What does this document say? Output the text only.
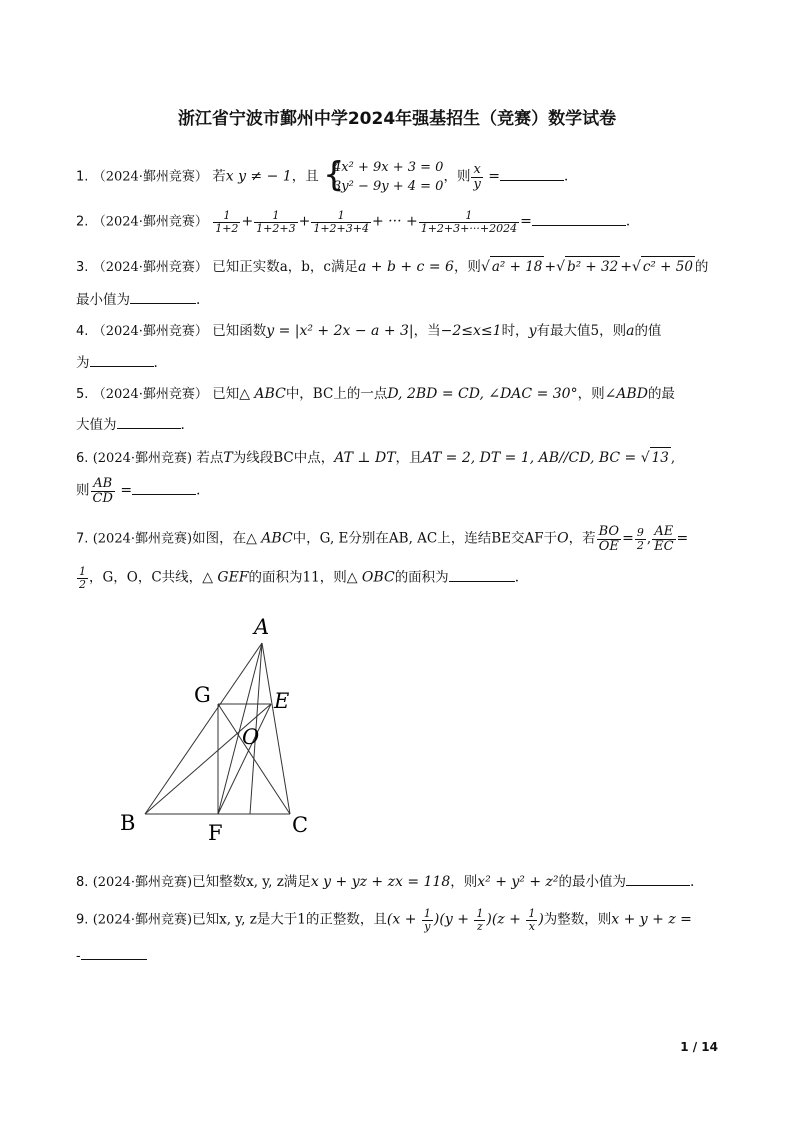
浙江省宁波市鄞州中学2024年强基招生（竞赛）数学试卷
1. （2024·鄞州竞赛） 若x y ≠ − 1，且 {
4x² + 9x + 3 = 0
3y² − 9y + 4 = 0
，则 $\frac{x}{y}$ =	.
2. （2024·鄞州竞赛） $\frac{1}{1+2} + \frac{1}{1+2+3} + \frac{1}{1+2+3+4}$ + ··· + $\frac{1}{1+2+3+\cdot\cdot\cdot+2024}$ =	.
3. （2024·鄞州竞赛） 已知正实数a，b，c满足a + b + c = 6，则√ a² + 18 +√ b² + 32 +√ c² + 50 的
最小值为	.
4. （2024·鄞州竞赛） 已知函数y = |x² + 2x − a + 3|，当−2≤x≤1时，y有最大值5，则a的值
为	.
5. （2024·鄞州竞赛） 已知△ ABC中，BC上的一点D, 2BD = CD, ∠DAC = 30°，则∠ABD的最
大值为	.
6. (2024·鄞州竞赛) 若点T为线段BC中点，AT ⊥ DT，且AT = 2, DT = 1, AB//CD, BC = √ 13 ,
则 $\frac{AB}{CD}$ =	.
7. (2024·鄞州竞赛)如图，在△ ABC中，G, E分别在AB, AC上，连结BE交AF于O，若 $\frac{BO}{OE} = \frac{9}{2}$ , $\frac{AE}{EC}$ =
$\frac{1}{2}$ ，G，O，C共线，△ GEF的面积为11，则△ OBC的面积为	.
A
G	E
O
B	F	C
8. (2024·鄞州竞赛)已知整数x, y, z满足x y + yz + zx = 118，则x² + y² + z²的最小值为	.
9. (2024·鄞州竞赛)已知x, y, z是大于1的正整数，且$(x + \frac{1}{y} )(y + \frac{1}{z} )(z + \frac{1}{x}$ )为整数，则x + y + z =
-
1 / 14
